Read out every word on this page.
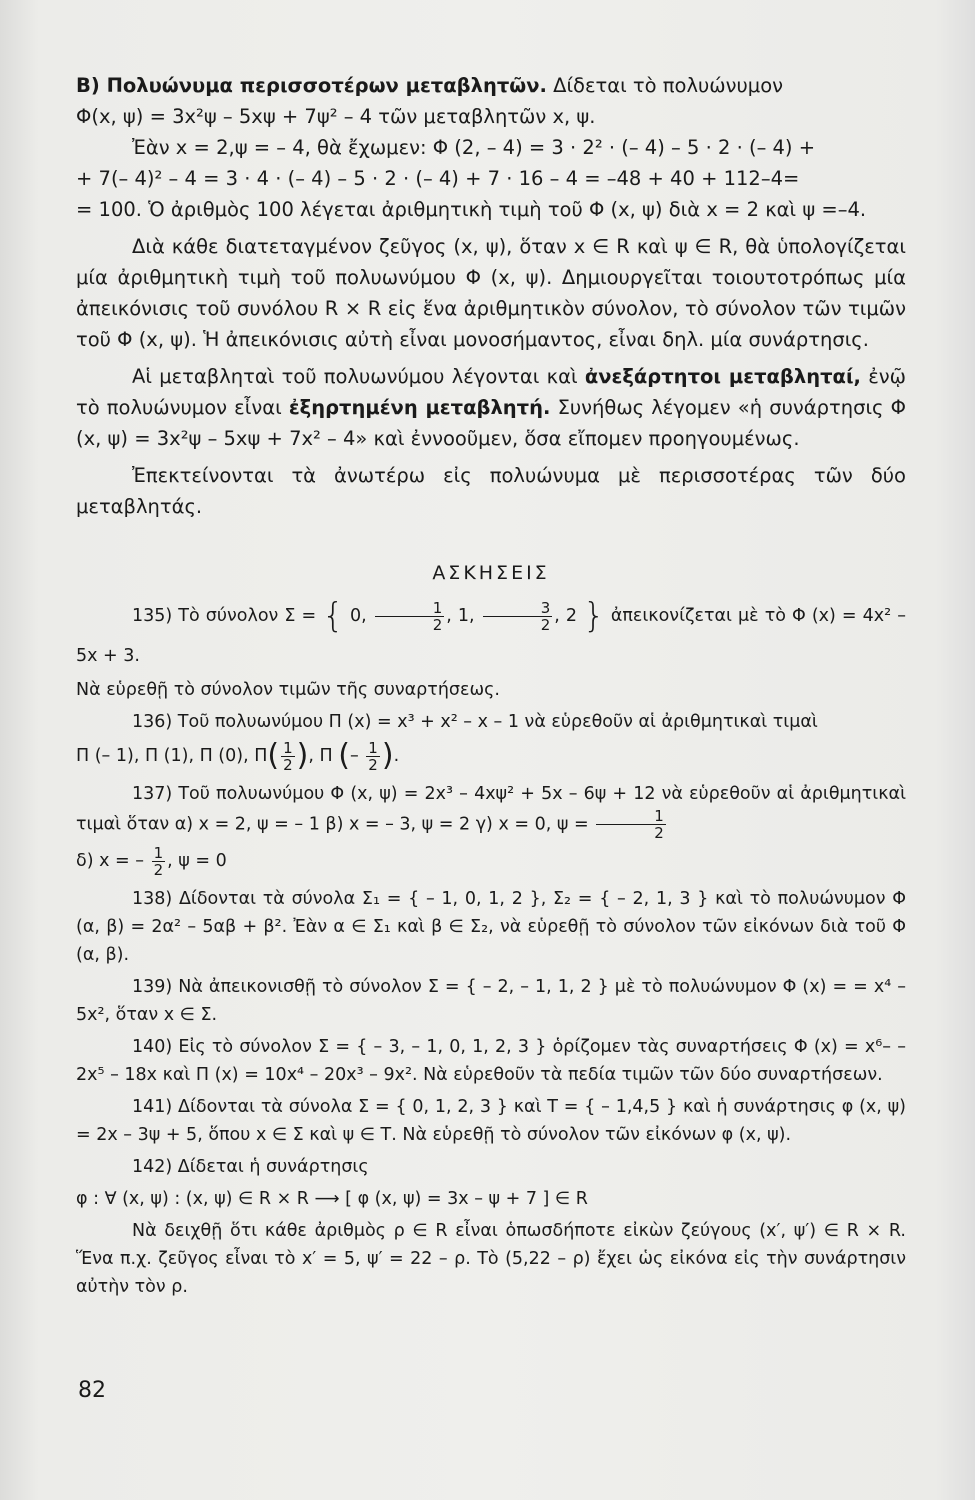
Β) Πολυώνυμα περισσοτέρων μεταβλητῶν. Δίδεται τὸ πολυώνυμον

Φ(x, ψ) = 3x²ψ – 5xψ + 7ψ² – 4 τῶν μεταβλητῶν x, ψ.

Ἐὰν x = 2,ψ = – 4, θὰ ἔχωμεν: Φ (2, – 4) = 3 · 2² · (– 4) – 5 · 2 · (– 4) +

+ 7(– 4)² – 4 = 3 · 4 · (– 4) – 5 · 2 · (– 4) + 7 · 16 – 4 = –48 + 40 + 112–4=

= 100. Ὁ ἀριθμὸς 100 λέγεται ἀριθμητικὴ τιμὴ τοῦ Φ (x, ψ) διὰ x = 2 καὶ ψ =–4.

Διὰ κάθε διατεταγμένον ζεῦγος (x, ψ), ὅταν x ∈ R καὶ ψ ∈ R, θὰ ὑπολογίζεται μία ἀριθμητικὴ τιμὴ τοῦ πολυωνύμου Φ (x, ψ). Δημιουργεῖται τοιουτοτρόπως μία ἀπεικόνισις τοῦ συνόλου R × R εἰς ἕνα ἀριθμητικὸν σύνολον, τὸ σύνολον τῶν τιμῶν τοῦ Φ (x, ψ). Ἡ ἀπεικόνισις αὐτὴ εἶναι μονοσήμαντος, εἶναι δηλ. μία συνάρτησις.

Αἱ μεταβληταὶ τοῦ πολυωνύμου λέγονται καὶ ἀνεξάρτητοι μεταβληταί, ἐνῷ τὸ πολυώνυμον εἶναι ἐξηρτημένη μεταβλητή. Συνήθως λέγομεν «ἡ συνάρτησις Φ (x, ψ) = 3x²ψ – 5xψ + 7x² – 4» καὶ ἐννοοῦμεν, ὅσα εἴπομεν προηγουμένως.

Ἐπεκτείνονται τὰ ἀνωτέρω εἰς πολυώνυμα μὲ περισσοτέρας τῶν δύο μεταβλητάς.

ΑΣΚΗΣΕΙΣ

135) Τὸ σύνολον Σ = { 0, $\frac{1}{2}$ , 1, $\frac{3}{2}$ , 2 } ἀπεικονίζεται μὲ τὸ Φ (x) = 4x² – 5x + 3.

Νὰ εὑρεθῇ τὸ σύνολον τιμῶν τῆς συναρτήσεως.

136) Τοῦ πολυωνύμου Π (x) = x³ + x² – x – 1 νὰ εὑρεθοῦν αἱ ἀριθμητικαὶ τιμαὶ

Π (– 1), Π (1), Π (0), $\Pi( \frac{1}{2}$ ), Π (– $\frac{1}{2}$ ).

137) Τοῦ πολυωνύμου Φ (x, ψ) = 2x³ – 4xψ² + 5x – 6ψ + 12 νὰ εὑρεθοῦν αἱ ἀριθμητικαὶ τιμαὶ ὅταν α) x = 2, ψ = – 1 β) x = – 3, ψ = 2 γ) x = 0, $\psi = \frac{1}{2}$

δ) x = – $\frac{1}{2}$ , ψ = 0

138) Δίδονται τὰ σύνολα Σ₁ = { – 1, 0, 1, 2 }, Σ₂ = { – 2, 1, 3 } καὶ τὸ πολυώνυμον Φ (α, β) = 2α² – 5αβ + β². Ἐὰν α ∈ Σ₁ καὶ β ∈ Σ₂, νὰ εὑρεθῇ τὸ σύνολον τῶν εἰκόνων διὰ τοῦ Φ (α, β).

139) Νὰ ἀπεικονισθῇ τὸ σύνολον Σ = { – 2, – 1, 1, 2 } μὲ τὸ πολυώνυμον Φ (x) = = x⁴ – 5x², ὅταν x ∈ Σ.

140) Εἰς τὸ σύνολον Σ = { – 3, – 1, 0, 1, 2, 3 } ὁρίζομεν τὰς συναρτήσεις Φ (x) = x⁶– – 2x⁵ – 18x καὶ Π (x) = 10x⁴ – 20x³ – 9x². Νὰ εὑρεθοῦν τὰ πεδία τιμῶν τῶν δύο συναρτήσεων.

141) Δίδονται τὰ σύνολα Σ = { 0, 1, 2, 3 } καὶ Τ = { – 1,4,5 } καὶ ἡ συνάρτησις φ (x, ψ) = 2x – 3ψ + 5, ὅπου x ∈ Σ καὶ ψ ∈ Τ. Νὰ εὑρεθῇ τὸ σύνολον τῶν εἰκόνων φ (x, ψ).

142) Δίδεται ἡ συνάρτησις

φ : ∀ (x, ψ) : (x, ψ) ∈ R × R ⟶ [ φ (x, ψ) = 3x – ψ + 7 ] ∈ R

Νὰ δειχθῇ ὅτι κάθε ἀριθμὸς ρ ∈ R εἶναι ὁπωσδήποτε εἰκὼν ζεύγους (x′, ψ′) ∈ R × R. Ἕνα π.χ. ζεῦγος εἶναι τὸ x′ = 5, ψ′ = 22 – ρ. Τὸ (5,22 – ρ) ἔχει ὡς εἰκόνα εἰς τὴν συνάρτησιν αὐτὴν τὸν ρ.

82
